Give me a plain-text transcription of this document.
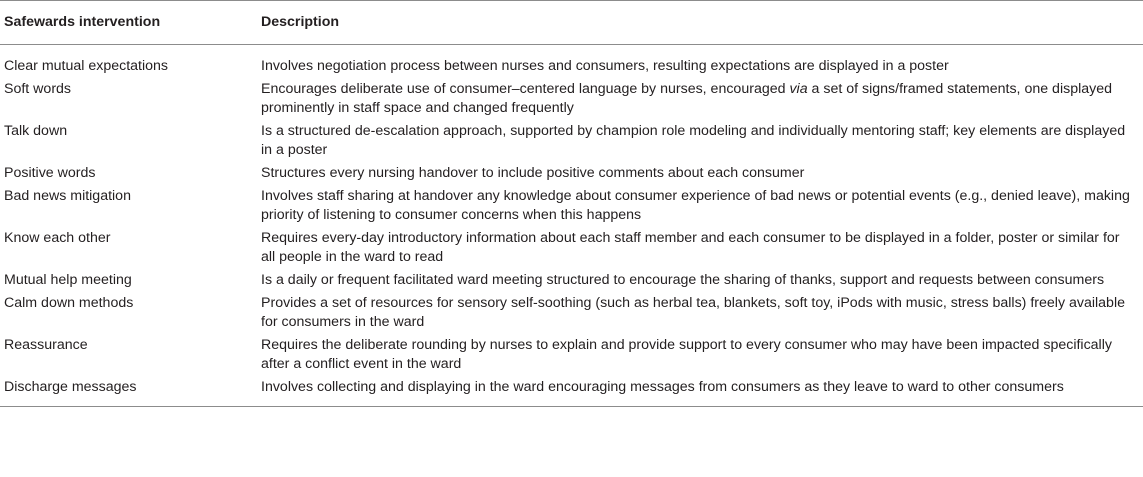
Safewards intervention	Description
Clear mutual expectations	Involves negotiation process between nurses and consumers, resulting expectations are displayed in a poster
Soft words	Encourages deliberate use of consumer–centered language by nurses, encouraged via a set of signs/framed statements, one displayed prominently in staff space and changed frequently
Talk down	Is a structured de-escalation approach, supported by champion role modeling and individually mentoring staff; key elements are displayed in a poster
Positive words	Structures every nursing handover to include positive comments about each consumer
Bad news mitigation	Involves staff sharing at handover any knowledge about consumer experience of bad news or potential events (e.g., denied leave), making priority of listening to consumer concerns when this happens
Know each other	Requires every-day introductory information about each staff member and each consumer to be displayed in a folder, poster or similar for all people in the ward to read
Mutual help meeting	Is a daily or frequent facilitated ward meeting structured to encourage the sharing of thanks, support and requests between consumers
Calm down methods	Provides a set of resources for sensory self-soothing (such as herbal tea, blankets, soft toy, iPods with music, stress balls) freely available for consumers in the ward
Reassurance	Requires the deliberate rounding by nurses to explain and provide support to every consumer who may have been impacted specifically after a conflict event in the ward
Discharge messages	Involves collecting and displaying in the ward encouraging messages from consumers as they leave to ward to other consumers
